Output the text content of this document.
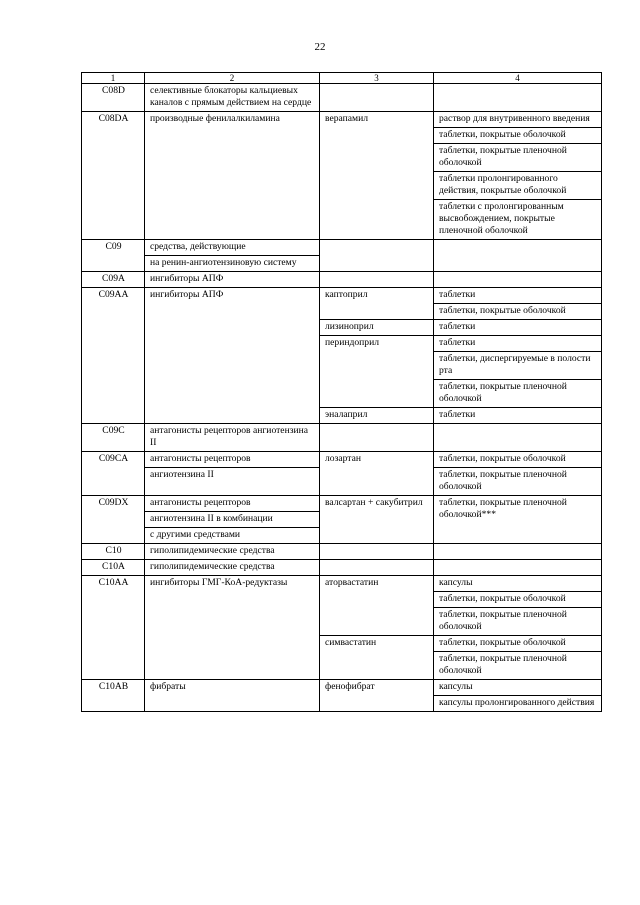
22
1	2	3	4
C08D	селективные блокаторы кальциевых каналов с прямым действием на сердце		

C08DA	производные фенилалкиламина	верапамил	раствор для внутривенного введения
таблетки, покрытые оболочкой
таблетки, покрытые пленочной оболочкой
таблетки пролонгированного действия, покрытые оболочкой
таблетки с пролонгированным высвобождением, покрытые пленочной оболочкой

C09	средства, действующие
на ренин-ангиотензиновую систему		

C09A	ингибиторы АПФ		

C09AA	ингибиторы АПФ	каптоприл	таблетки
таблетки, покрытые оболочкой

		лизиноприл	таблетки

		периндоприл	таблетки
таблетки, диспергируемые в полости рта
таблетки, покрытые пленочной оболочкой

		эналаприл	таблетки

C09C	антагонисты рецепторов ангиотензина II		

C09CA	антагонисты рецепторов
ангиотензина II	лозартан	таблетки, покрытые оболочкой
таблетки, покрытые пленочной оболочкой

C09DX	антагонисты рецепторов
ангиотензина II в комбинации
с другими средствами	валсартан + сакубитрил	таблетки, покрытые пленочной оболочкой***

C10	гиполипидемические средства		

C10A	гиполипидемические средства		

C10AA	ингибиторы ГМГ-КоА-редуктазы	аторвастатин	капсулы
таблетки, покрытые оболочкой
таблетки, покрытые пленочной оболочкой

		симвастатин	таблетки, покрытые оболочкой
таблетки, покрытые пленочной оболочкой

C10AB	фибраты	фенофибрат	капсулы
капсулы пролонгированного действия
